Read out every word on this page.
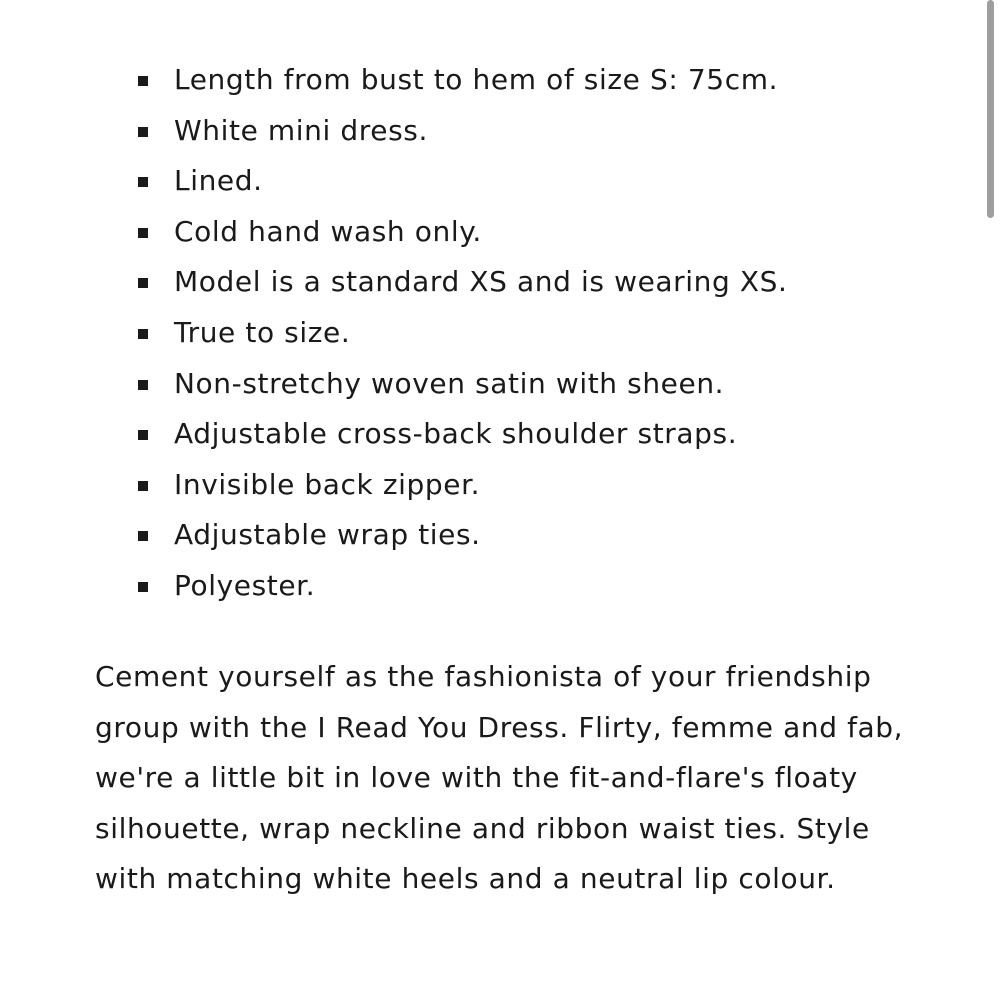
Length from bust to hem of size S: 75cm.
White mini dress.
Lined.
Cold hand wash only.
Model is a standard XS and is wearing XS.
True to size.
Non-stretchy woven satin with sheen.
Adjustable cross-back shoulder straps.
Invisible back zipper.
Adjustable wrap ties.
Polyester.

Cement yourself as the fashionista of your friendship group with the I Read You Dress. Flirty, femme and fab, we're a little bit in love with the fit-and-flare's floaty silhouette, wrap neckline and ribbon waist ties. Style with matching white heels and a neutral lip colour.
